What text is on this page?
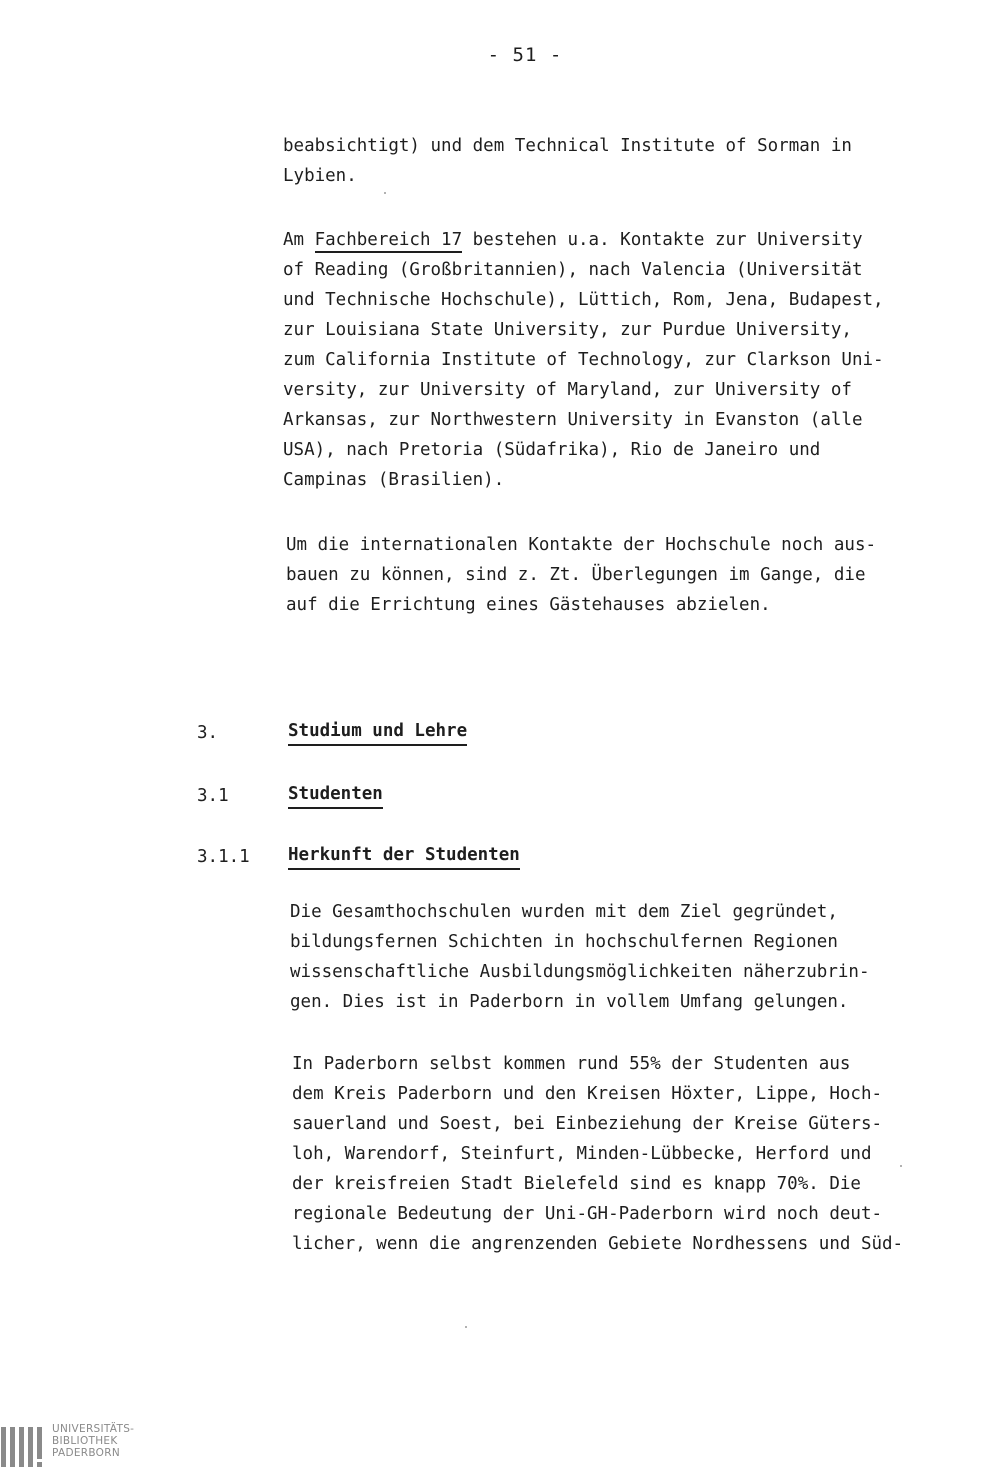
- 51 -
beabsichtigt) und dem Technical Institute of Sorman in
Lybien.
Am Fachbereich 17 bestehen u.a. Kontakte zur University
of Reading (Großbritannien), nach Valencia (Universität
und Technische Hochschule), Lüttich, Rom, Jena, Budapest,
zur Louisiana State University, zur Purdue University,
zum California Institute of Technology, zur Clarkson Uni-
versity, zur University of Maryland, zur University of
Arkansas, zur Northwestern University in Evanston (alle
USA), nach Pretoria (Südafrika), Rio de Janeiro und
Campinas (Brasilien).
Um die internationalen Kontakte der Hochschule noch aus-
bauen zu können, sind z. Zt. Überlegungen im Gange, die
auf die Errichtung eines Gästehauses abzielen.

3.

	Studium und Lehre

3.1

	Studenten

3.1.1

Herkunft der Studenten

Die Gesamthochschulen wurden mit dem Ziel gegründet,
bildungsfernen Schichten in hochschulfernen Regionen
wissenschaftliche Ausbildungsmöglichkeiten näherzubrin-
gen. Dies ist in Paderborn in vollem Umfang gelungen.
In Paderborn selbst kommen rund 55% der Studenten aus
dem Kreis Paderborn und den Kreisen Höxter, Lippe, Hoch-
sauerland und Soest, bei Einbeziehung der Kreise Güters-
loh, Warendorf, Steinfurt, Minden-Lübbecke, Herford und
der kreisfreien Stadt Bielefeld sind es knapp 70%. Die
regionale Bedeutung der Uni-GH-Paderborn wird noch deut-
licher, wenn die angrenzenden Gebiete Nordhessens und Süd-
UNIVERSITÄTS-
BIBLIOTHEK
PADERBORN
